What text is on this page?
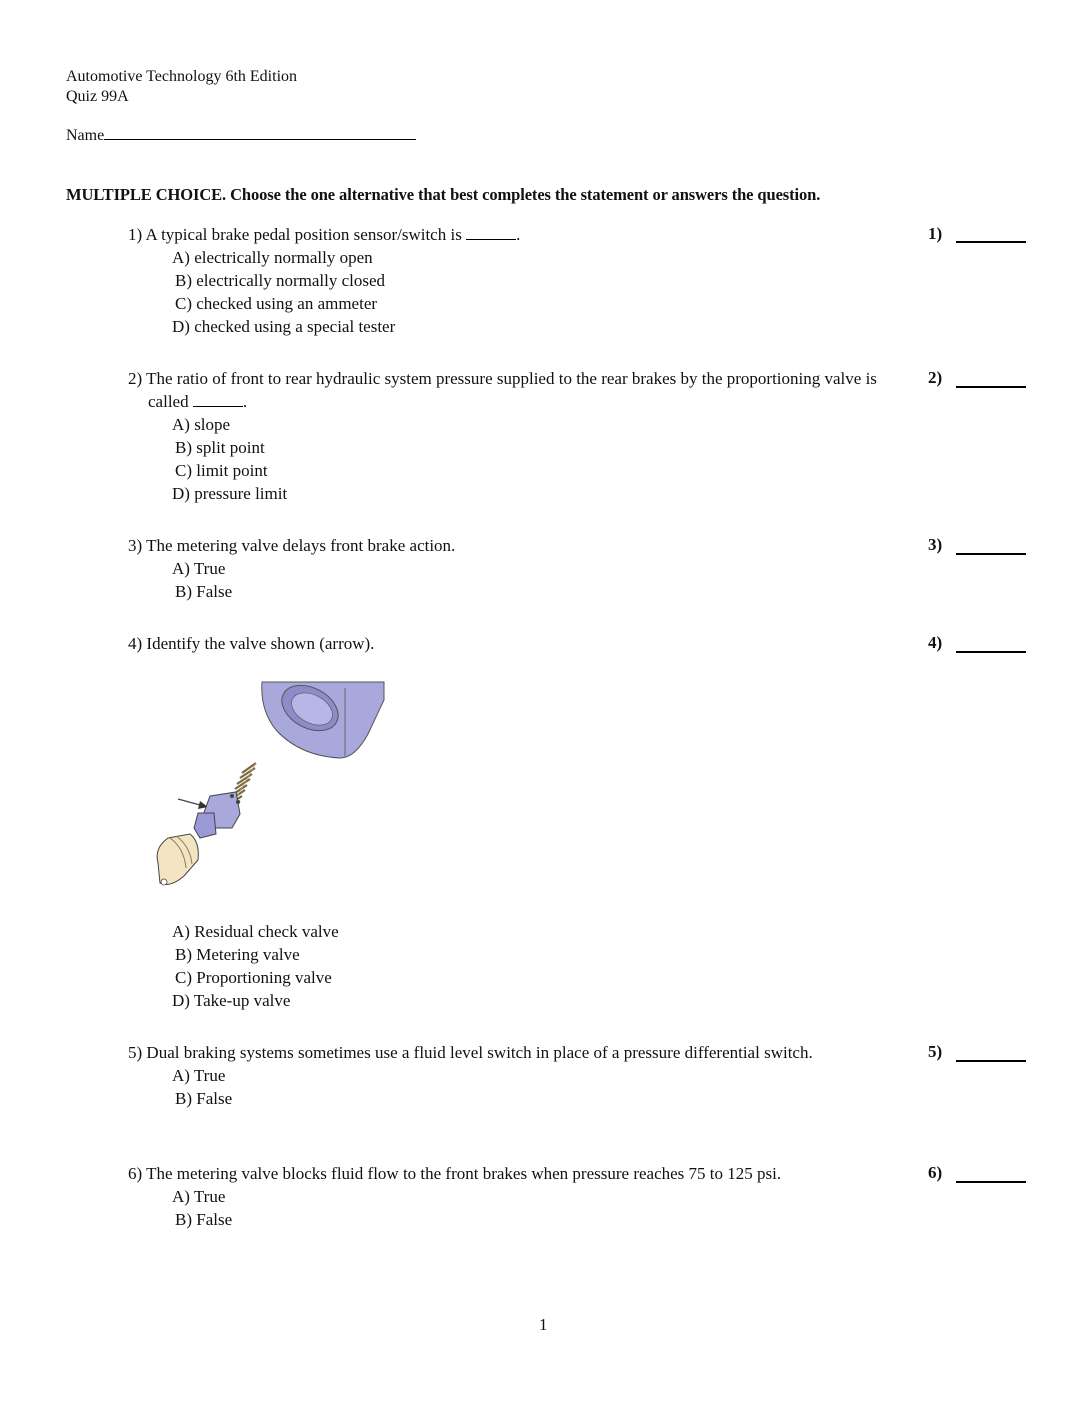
Automotive Technology 6th Edition
Quiz 99A
Name
MULTIPLE CHOICE. Choose the one alternative that best completes the statement or answers the question.
1) A typical brake pedal position sensor/switch is	.
A) electrically normally open
B) electrically normally closed
C) checked using an ammeter
D) checked using a special tester
1)
2) The ratio of front to rear hydraulic system pressure supplied to the rear brakes by the proportioning valve is called	.
A) slope
B) split point
C) limit point
D) pressure limit
2)
3) The metering valve delays front brake action.
A) True
B) False
3)
4) Identify the valve shown (arrow).	4)
A) Residual check valve
B) Metering valve
C) Proportioning valve
D) Take-up valve
5) Dual braking systems sometimes use a fluid level switch in place of a pressure differential switch.
A) True
B) False
5)
6) The metering valve blocks fluid flow to the front brakes when pressure reaches 75 to 125 psi.
A) True
B) False
6)
1
